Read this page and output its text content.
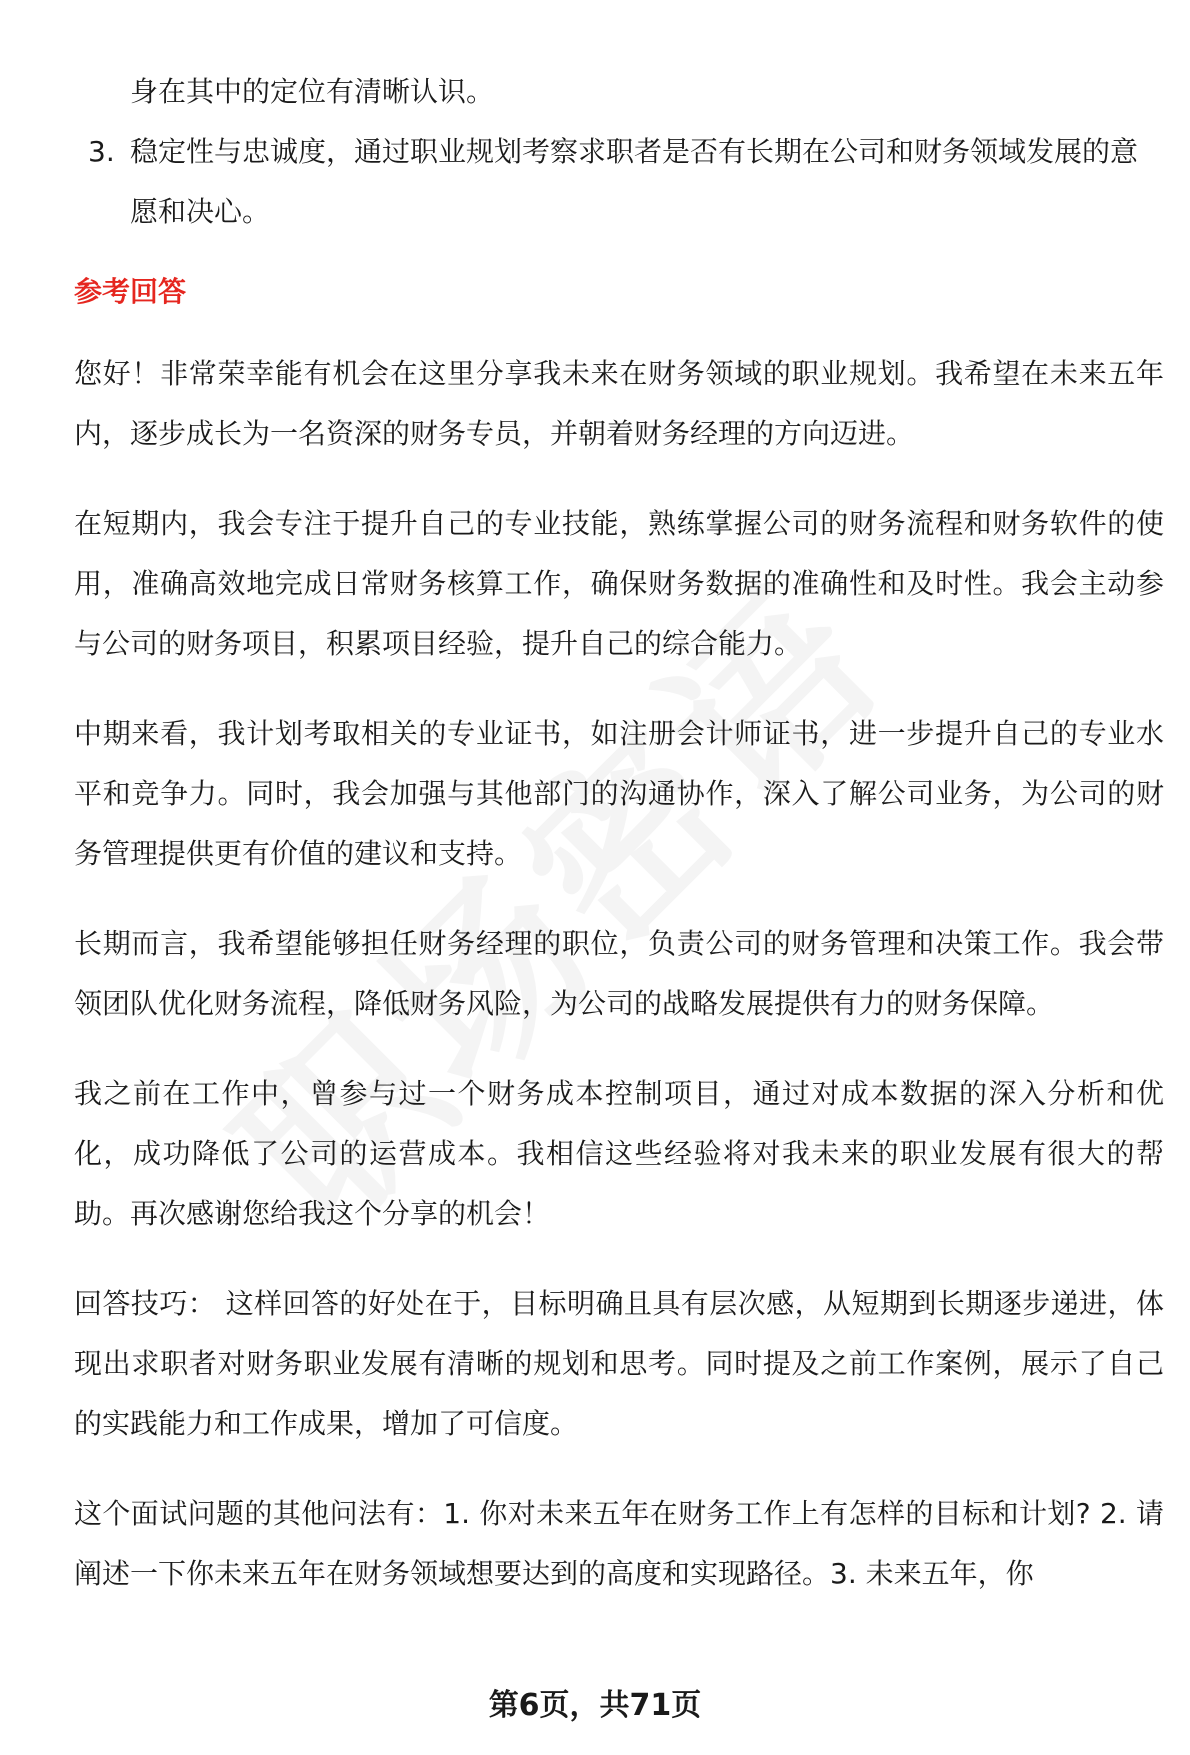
身在其中的定位有清晰认识。

3. 稳定性与忠诚度，通过职业规划考察求职者是否有长期在公司和财务领域发展的意愿和决心。
参考回答

您好！非常荣幸能有机会在这里分享我未来在财务领域的职业规划。我希望在未来五年内，逐步成长为一名资深的财务专员，并朝着财务经理的方向迈进。

在短期内，我会专注于提升自己的专业技能，熟练掌握公司的财务流程和财务软件的使用，准确高效地完成日常财务核算工作，确保财务数据的准确性和及时性。我会主动参与公司的财务项目，积累项目经验，提升自己的综合能力。

中期来看，我计划考取相关的专业证书，如注册会计师证书，进一步提升自己的专业水平和竞争力。同时，我会加强与其他部门的沟通协作，深入了解公司业务，为公司的财务管理提供更有价值的建议和支持。

长期而言，我希望能够担任财务经理的职位，负责公司的财务管理和决策工作。我会带领团队优化财务流程，降低财务风险，为公司的战略发展提供有力的财务保障。

我之前在工作中，曾参与过一个财务成本控制项目，通过对成本数据的深入分析和优化，成功降低了公司的运营成本。我相信这些经验将对我未来的职业发展有很大的帮助。再次感谢您给我这个分享的机会！

回答技巧： 这样回答的好处在于，目标明确且具有层次感，从短期到长期逐步递进，体现出求职者对财务职业发展有清晰的规划和思考。同时提及之前工作案例，展示了自己的实践能力和工作成果，增加了可信度。

这个面试问题的其他问法有：1. 你对未来五年在财务工作上有怎样的目标和计划? 2. 请阐述一下你未来五年在财务领域想要达到的高度和实现路径。3. 未来五年，你

第6页，共71页
